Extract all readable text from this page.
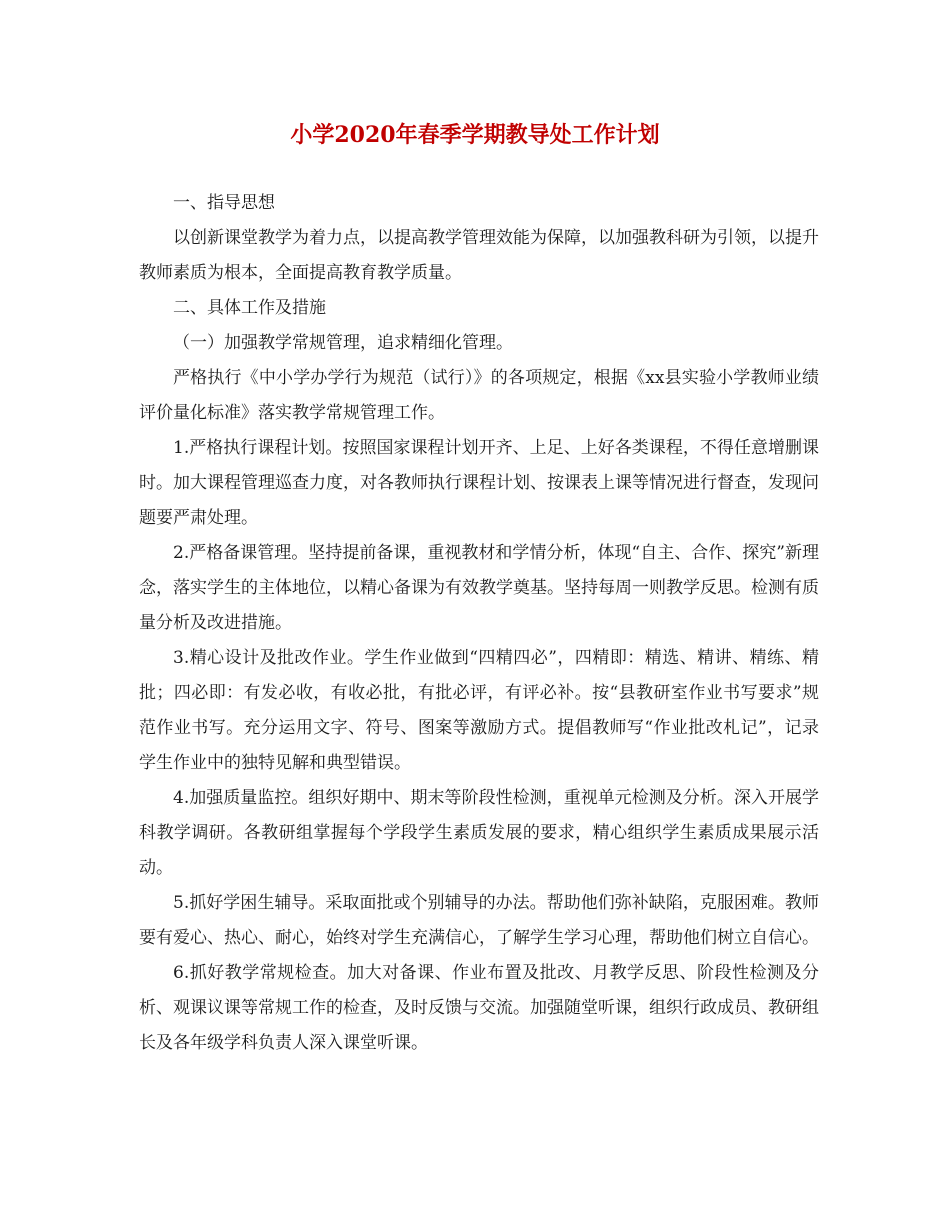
小学2020年春季学期教导处工作计划

一、指导思想

以创新课堂教学为着力点，以提高教学管理效能为保障，以加强教科研为引领，以提升教师素质为根本，全面提高教育教学质量。

二、具体工作及措施

（一）加强教学常规管理，追求精细化管理。

严格执行《中小学办学行为规范（试行）》的各项规定，根据《xx县实验小学教师业绩评价量化标准》落实教学常规管理工作。

1.严格执行课程计划。按照国家课程计划开齐、上足、上好各类课程，不得任意增删课时。加大课程管理巡查力度，对各教师执行课程计划、按课表上课等情况进行督查，发现问题要严肃处理。

2.严格备课管理。坚持提前备课，重视教材和学情分析，体现“自主、合作、探究”新理念，落实学生的主体地位，以精心备课为有效教学奠基。坚持每周一则教学反思。检测有质量分析及改进措施。

3.精心设计及批改作业。学生作业做到“四精四必”，四精即：精选、精讲、精练、精批；四必即：有发必收，有收必批，有批必评，有评必补。按“县教研室作业书写要求”规范作业书写。充分运用文字、符号、图案等激励方式。提倡教师写“作业批改札记”，记录学生作业中的独特见解和典型错误。

4.加强质量监控。组织好期中、期末等阶段性检测，重视单元检测及分析。深入开展学科教学调研。各教研组掌握每个学段学生素质发展的要求，精心组织学生素质成果展示活动。

5.抓好学困生辅导。采取面批或个别辅导的办法。帮助他们弥补缺陷，克服困难。教师要有爱心、热心、耐心，始终对学生充满信心，了解学生学习心理，帮助他们树立自信心。

6.抓好教学常规检查。加大对备课、作业布置及批改、月教学反思、阶段性检测及分析、观课议课等常规工作的检查，及时反馈与交流。加强随堂听课，组织行政成员、教研组长及各年级学科负责人深入课堂听课。
